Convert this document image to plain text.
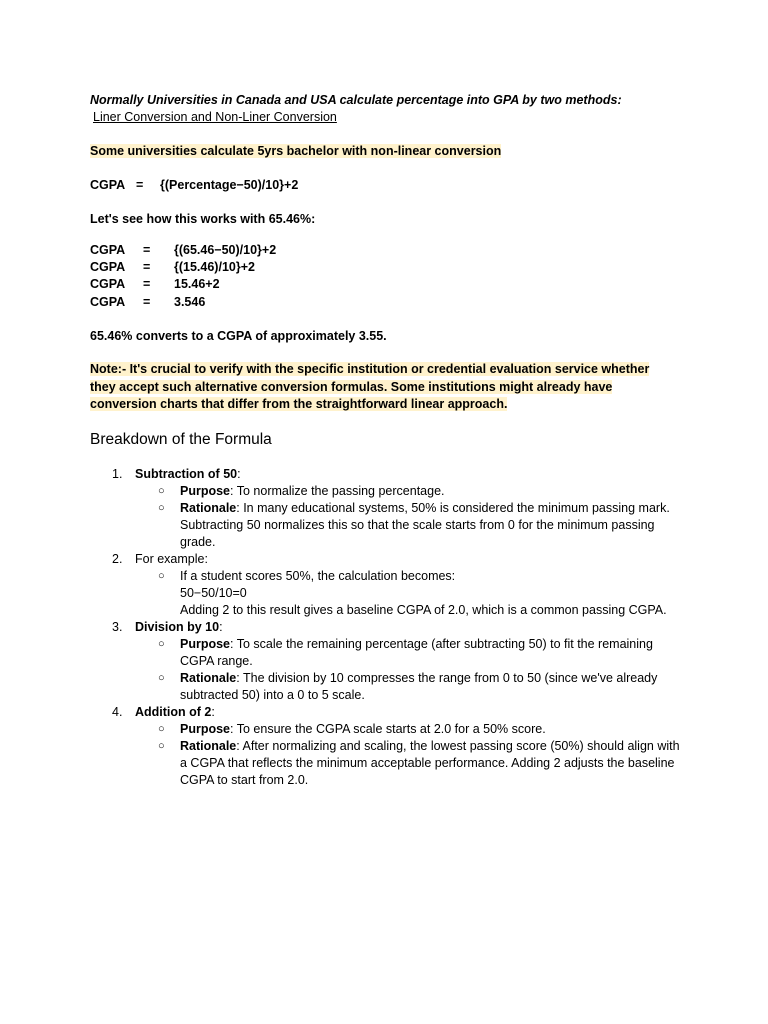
Normally Universities in Canada and USA calculate percentage into GPA by two methods:
Liner Conversion and Non-Liner Conversion
Some universities calculate 5yrs bachelor with non-linear conversion
CGPA = {(Percentage−50)/10}+2
Let's see how this works with 65.46%:
CGPA = {(65.46−50)/10}+2
CGPA = {(15.46)/10}+2
CGPA = 15.46+2
CGPA = 3.546
65.46% converts to a CGPA of approximately 3.55.
Note:- It's crucial to verify with the specific institution or credential evaluation service whether they accept such alternative conversion formulas. Some institutions might already have conversion charts that differ from the straightforward linear approach.
Breakdown of the Formula
1. Subtraction of 50:
○ Purpose: To normalize the passing percentage.
○ Rationale: In many educational systems, 50% is considered the minimum passing mark. Subtracting 50 normalizes this so that the scale starts from 0 for the minimum passing grade.
2. For example:
○ If a student scores 50%, the calculation becomes:
50−50/10=0
Adding 2 to this result gives a baseline CGPA of 2.0, which is a common passing CGPA.
3. Division by 10:
○ Purpose: To scale the remaining percentage (after subtracting 50) to fit the remaining CGPA range.
○ Rationale: The division by 10 compresses the range from 0 to 50 (since we've already subtracted 50) into a 0 to 5 scale.
4. Addition of 2:
○ Purpose: To ensure the CGPA scale starts at 2.0 for a 50% score.
○ Rationale: After normalizing and scaling, the lowest passing score (50%) should align with a CGPA that reflects the minimum acceptable performance. Adding 2 adjusts the baseline CGPA to start from 2.0.
